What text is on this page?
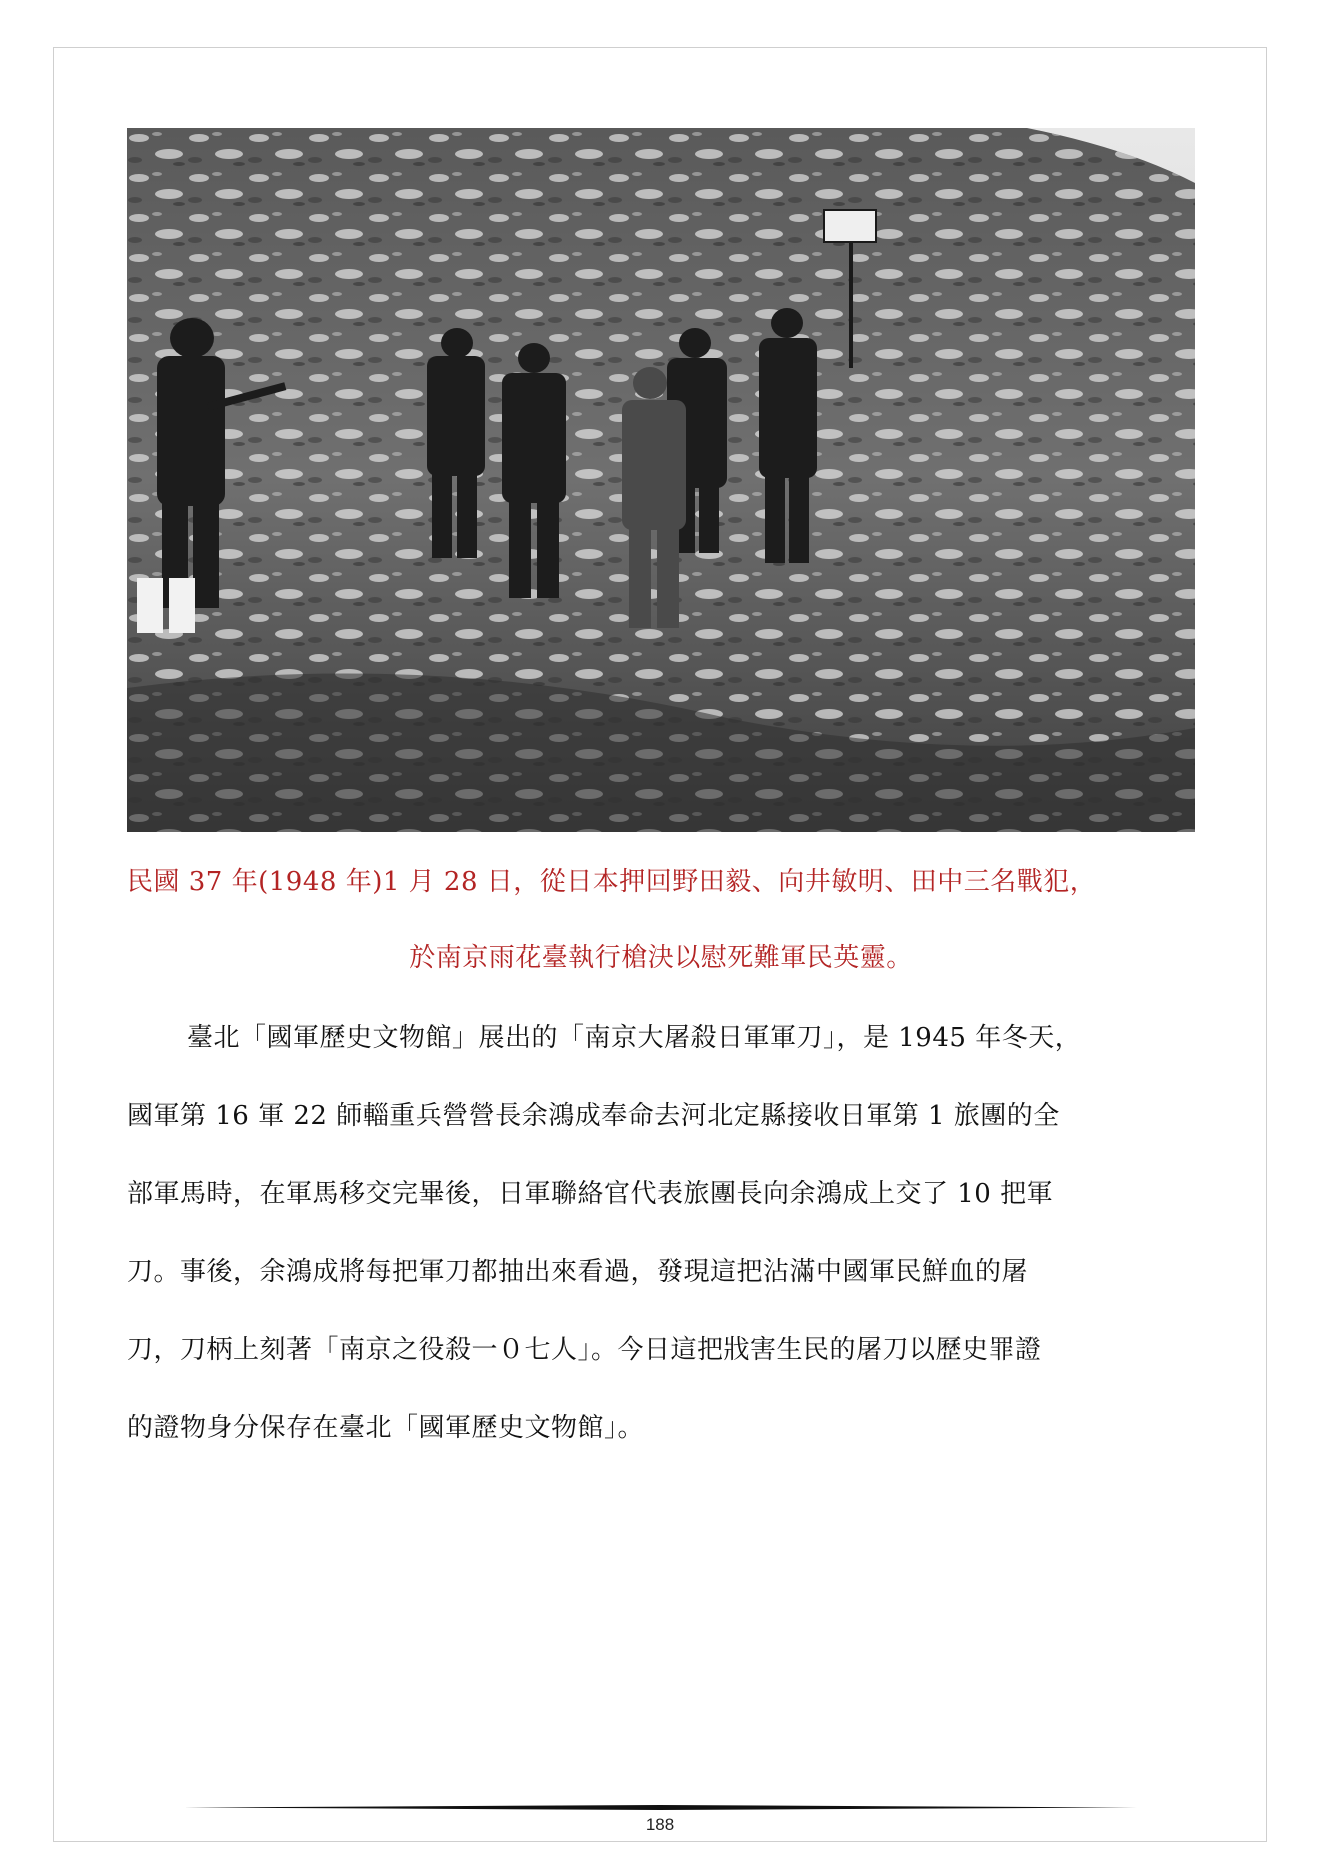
民國 37 年(1948 年)1 月 28 日，從日本押回野田毅、向井敏明、田中三名戰犯，
於南京雨花臺執行槍決以慰死難軍民英靈。
臺北「國軍歷史文物館」展出的「南京大屠殺日軍軍刀」，是 1945 年冬天，
國軍第 16 軍 22 師輜重兵營營長余鴻成奉命去河北定縣接收日軍第 1 旅團的全
部軍馬時，在軍馬移交完畢後，日軍聯絡官代表旅團長向余鴻成上交了 10 把軍
刀。事後，余鴻成將每把軍刀都抽出來看過，發現這把沾滿中國軍民鮮血的屠
刀，刀柄上刻著「南京之役殺一０七人」。今日這把戕害生民的屠刀以歷史罪證
的證物身分保存在臺北「國軍歷史文物館」。
188
